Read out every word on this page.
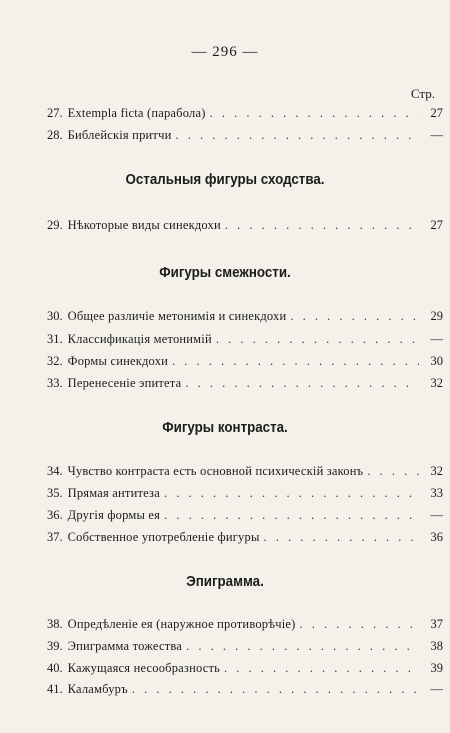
— 296 —
Стр.
27. Extempla ficta (парабола) . . .	27
28. Библейскія притчи . . .	—
Остальныя фигуры сходства.
29. Нѣкоторые виды синекдохи . . .	27
Фигуры смежности.
30. Общее различіе метонимія и синекдохи . . .	29
31. Классификація метонимій . . .	—
32. Формы синекдохи . . .	30
33. Перенесеніе эпитета . . .	32
Фигуры контраста.
34. Чувство контраста есть основной психическій законъ . . .	32
35. Прямая антитеза . . .	33
36. Другія формы ея . . .	—
37. Собственное употребленіе фигуры . . .	36
Эпиграмма.
38. Опредѣленіе ея (наружное противорѣчіе) . . .	37
39. Эпиграмма тожества . . .	38
40. Кажущаяся несообразность . . .	39
41. Каламбуръ . . .	—
